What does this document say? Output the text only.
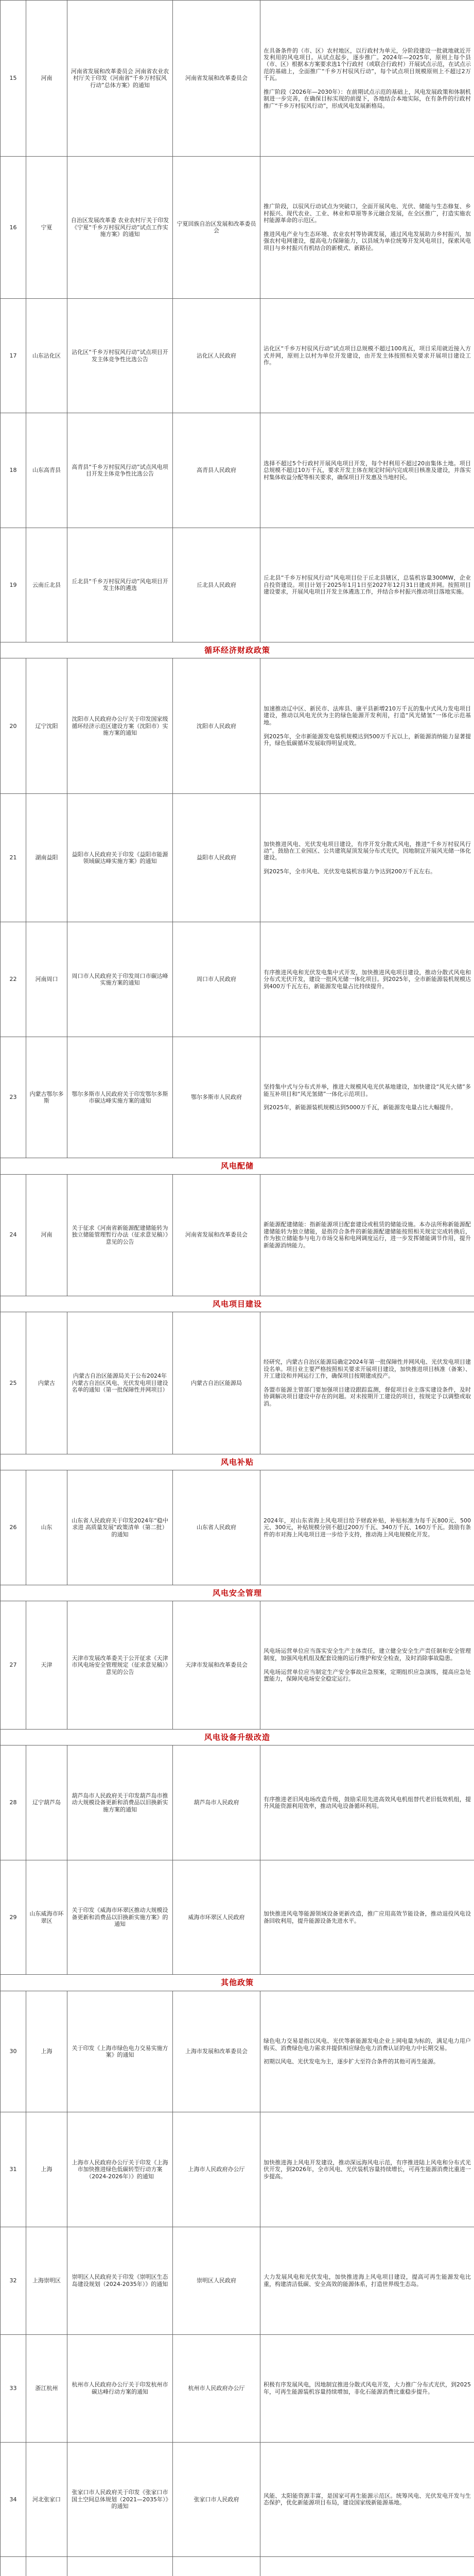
15	河南	河南省发展和改革委员会 河南省农业农村厅关于印发《河南省“千乡万村驭风行动”总体方案》的通知	河南省发展和改革委员会	在具备条件的（市、区）农村地区，以行政村为单元，分阶段建设一批就地就近开发利用的风电项目。从试点起步，逐步推广。2024年—2025年，原则上每个县（市、区）根据本方案要求选1个行政村（或联合行政村）开展试点示范，在试点示范的基础上，全面推广“千乡万村驭风行动”，每个试点项目规模原则上不超过2万千瓦。

推广阶段（2026年—2030年）：在前期试点示范的基础上，风电发展政策和体制机制进一步完善，在确保目标实现的前提下，各地结合本地实际，在有条件的行政村推广“千乡万村驭风行动”，形成风电发展新格局。
16	宁夏	自治区发展改革委 农业农村厅关于印发《宁夏“千乡万村驭风行动”试点工作实施方案》的通知	宁夏回族自治区发展和改革委员会	推广阶段，以驭风行动试点为突破口，全面开展风电、光伏、储能与生态修复、乡村振兴、现代农业、工业、林业和草原等多元融合发展，在全区推广，打造实施农村能源革命的示范区。

推进风电产业与生态环境、农业农村等协调发展，通过风电发展助力乡村振兴，加强农村电网建设，提高电力保障能力，以县域为单位统筹开发风电项目，探索风电项目与乡村振兴有机结合的新模式、新路径。
17	山东沾化区	沾化区“千乡万村驭风行动”试点项目开发主体竞争性比选公告	沾化区人民政府	沾化区“千乡万村驭风行动”试点项目总规模不超过100兆瓦，项目采用就近接入方式并网，原则上以村为单位开发建设，由开发主体按照相关要求开展项目建设工作。
18	山东高青县	高青县“千乡万村驭风行动”试点风电项目开发主体竞争性比选公告	高青县人民政府	选择不超过5个行政村开展风电项目开发，每个村利用不超过20亩集体土地。项目总规模不超过10万千瓦，要求开发主体在规定时间内完成项目核准及建设，并落实村集体收益分配等相关要求，确保项目开发惠及当地村民。
19	云南丘北县	丘北县“千乡万村驭风行动”风电项目开发主体的遴选	丘北县人民政府	丘北县“千乡万村驭风行动”风电项目位于丘北县辖区，总装机容量300MW，企业自投资建设。项目计划于2025年1月1日至2027年12月31日建成并网。按照项目建设要求，开展风电项目开发主体遴选工作，并结合乡村振兴推动项目落地实施。
循环经济财政政策				
20	辽宁沈阳	沈阳市人民政府办公厅关于印发国家级循环经济示范区建设方案（沈阳市）实施方案的通知	沈阳市人民政府	加速推动辽中区、新民市、法库县、康平县新增210万千瓦的集中式风力发电项目建设，推动以风电光伏为主的绿色能源开发利用，打造“风光储氢”一体化示范基地。

到2025年，全市新能源发电装机规模达到500万千瓦以上，新能源消纳能力显著提升，绿色低碳循环发展取得明显成效。
21	湖南益阳	益阳市人民政府关于印发《益阳市能源领域碳达峰实施方案》的通知	益阳市人民政府	加快推进风电、光伏发电项目建设，有序开发分散式风电，推进“千乡万村驭风行动”。鼓励在工业园区、公共建筑屋顶发展分布式光伏，因地制宜开展风光储一体化建设。

到2025年，全市风电、光伏发电装机容量力争达到200万千瓦左右。
22	河南周口	周口市人民政府关于印发周口市碳达峰实施方案的通知	周口市人民政府	有序推进风电和光伏发电集中式开发，加快推进风电项目建设，推动分散式风电和分布式光伏开发，建设一批风光储一体化项目。到2025年，全市新能源装机规模达到400万千瓦左右，新能源发电量占比持续提升。
23	内蒙古鄂尔多斯	鄂尔多斯市人民政府关于印发鄂尔多斯市碳达峰实施方案的通知	鄂尔多斯市人民政府	坚持集中式与分布式并举，推进大规模风电光伏基地建设，加快建设“风光火储”多能互补项目和“风光氢储”一体化示范项目。

到2025年，新能源装机规模达到5000万千瓦，新能源发电量占比大幅提升。
风电配储				
24	河南	关于征求《河南省新能源配建储能转为独立储能管理暂行办法（征求意见稿）》意见的公告	河南省发展和改革委员会	新能源配建储能：指新能源项目配套建设或租赁的储能设施。本办法所称新能源配建储能转为独立储能，是指符合条件的新能源配建储能按照相关规定完成转换后，作为独立储能参与电力市场交易和电网调度运行，进一步发挥储能调节作用，提升新能源消纳能力。
风电项目建设				
25	内蒙古	内蒙古自治区能源局关于公布2024年内蒙古自治区风电、光伏发电项目建设名单的通知（第一批保障性并网项目）	内蒙古自治区能源局	经研究，内蒙古自治区能源局确定2024年第一批保障性并网风电、光伏发电项目建设名单。项目业主要严格按照相关要求开展项目建设，加快推进项目核准（备案）、开工建设和并网运行工作，确保项目按期建成投产。

各盟市能源主管部门要加强项目建设跟踪监测，督促项目业主落实建设条件，及时协调解决项目建设中存在的问题。对未按期开工建设的项目，按规定予以调整或取消。
风电补贴				
26	山东	山东省人民政府关于印发2024年“稳中求进 高质量发展”政策清单（第二批）的通知	山东省人民政府	2024年，对山东省海上风电项目给予财政补贴，补贴标准为每千瓦800元、500元、300元，补贴规模分别不超过200万千瓦、340万千瓦、160万千瓦。鼓励有条件的市对海上风电项目进一步给予支持，推动海上风电规模化开发。
风电安全管理				
27	天津	天津市发展改革委关于公开征求《天津市风电场安全管理规定（征求意见稿）》意见的公告	天津市发展和改革委员会	风电场运营单位应当落实安全生产主体责任，建立健全安全生产责任制和安全管理制度，加强风电机组及配套设施的运行维护和安全检查，及时消除事故隐患。

风电场运营单位应当制定生产安全事故应急预案，定期组织应急演练，提高应急处置能力，保障风电场安全稳定运行。
风电设备升级改造				
28	辽宁葫芦岛	葫芦岛市人民政府关于印发葫芦岛市推动大规模设备更新和消费品以旧换新实施方案的通知	葫芦岛市人民政府	有序推进老旧风电场改造升级，鼓励采用先进高效风电机组替代老旧低效机组，提升风能资源利用效率，推动风电设备循环利用。
29	山东威海市环翠区	关于印发《威海市环翠区推动大规模设备更新和消费品以旧换新实施方案》的通知	威海市环翠区人民政府	加快推进风电等能源领域设备更新改造，推广应用高效节能设备，推动退役风电设备回收利用，提升能源设备先进水平。
其他政策				
30	上海	关于印发《上海市绿色电力交易实施方案》的通知	上海市发展和改革委员会	绿色电力交易是指以风电、光伏等新能源发电企业上网电量为标的，满足电力用户购买、消费绿色电力需求并提供相应绿色电力消费认证的电力中长期交易。

初期以风电、光伏发电为主，逐步扩大至符合条件的其他可再生能源。
31	上海	上海市人民政府办公厅关于印发《上海市加快推进绿色低碳转型行动方案（2024-2026年）》的通知	上海市人民政府办公厅	加快推进海上风电开发建设，推动深远海风电示范，有序推进陆上风电和分布式光伏开发，到2026年，全市风电、光伏装机容量持续增长，可再生能源消费比重进一步提高。
32	上海崇明区	崇明区人民政府关于印发《崇明区生态岛建设规划（2024-2035年）》的通知	崇明区人民政府	大力发展风电和光伏发电，加快推进海上风电项目建设，提高可再生能源发电比重，构建清洁低碳、安全高效的能源体系，打造世界级生态岛。
33	浙江杭州	杭州市人民政府办公厅关于印发杭州市碳达峰行动方案的通知	杭州市人民政府办公厅	积极有序发展风电，因地制宜推进分散式风电开发，大力推广分布式光伏，到2025年，可再生能源装机容量持续增加，非化石能源消费比重稳步提升。
34	河北张家口	张家口市人民政府关于印发《张家口市国土空间总体规划（2021—2035年）》的通知	张家口市人民政府	风能、太阳能资源丰富，是国家可再生能源示范区。统筹风电、光伏发电开发与生态保护，优化新能源项目布局，建设国家级新能源基地。
